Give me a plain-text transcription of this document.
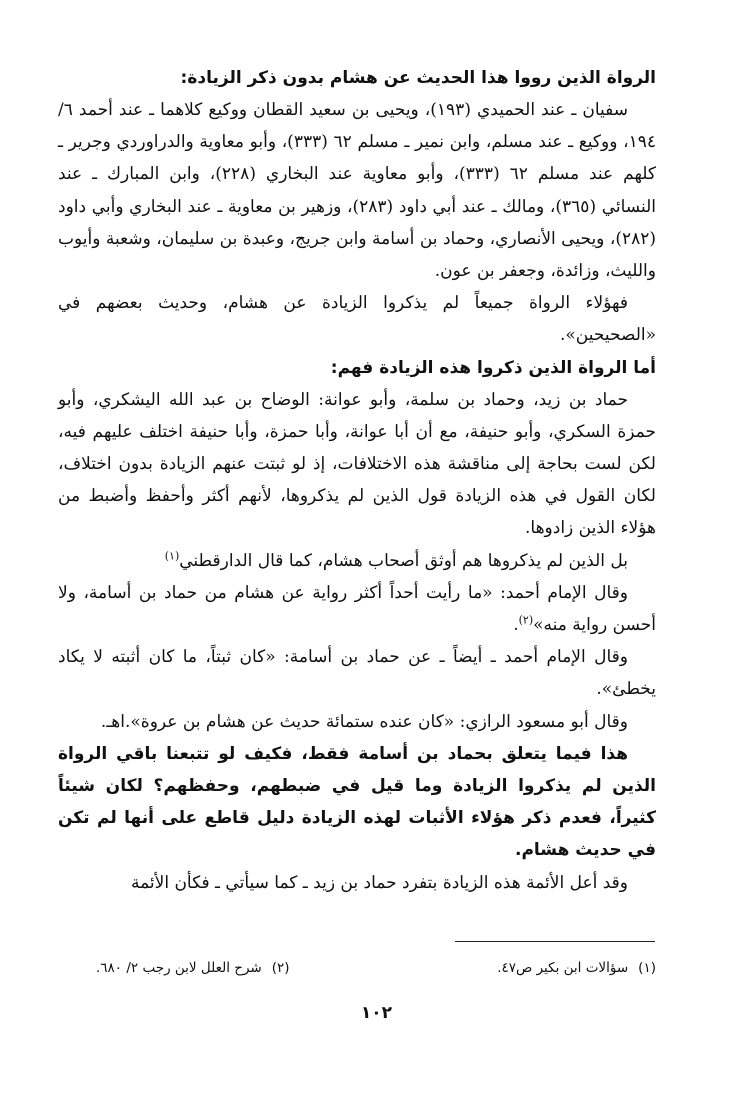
الرواة الذين رووا هذا الحديث عن هشام بدون ذكر الزيادة:

سفيان ـ عند الحميدي (١٩٣)، ويحيى بن سعيد القطان ووكيع كلاهما ـ عند أحمد ٦/ ١٩٤، ووكيع ـ عند مسلم، وابن نمير ـ مسلم ٦٢ (٣٣٣)، وأبو معاوية والدراوردي وجرير ـ كلهم عند مسلم ٦٢ (٣٣٣)، وأبو معاوية عند البخاري (٢٢٨)، وابن المبارك ـ عند النسائي (٣٦٥)، ومالك ـ عند أبي داود (٢٨٣)، وزهير بن معاوية ـ عند البخاري وأبي داود (٢٨٢)، ويحيى الأنصاري، وحماد بن أسامة وابن جريج، وعبدة بن سليمان، وشعبة وأيوب والليث، وزائدة، وجعفر بن عون.

فهؤلاء الرواة جميعاً لم يذكروا الزيادة عن هشام، وحديث بعضهم في «الصحيحين».

أما الرواة الذين ذكروا هذه الزيادة فهم:

حماد بن زيد، وحماد بن سلمة، وأبو عوانة: الوضاح بن عبد الله اليشكري، وأبو حمزة السكري، وأبو حنيفة، مع أن أبا عوانة، وأبا حمزة، وأبا حنيفة اختلف عليهم فيه، لكن لست بحاجة إلى مناقشة هذه الاختلافات، إذ لو ثبتت عنهم الزيادة بدون اختلاف، لكان القول في هذه الزيادة قول الذين لم يذكروها، لأنهم أكثر وأحفظ وأضبط من هؤلاء الذين زادوها.

بل الذين لم يذكروها هم أوثق أصحاب هشام، كما قال الدارقطني$^{(١)}$

وقال الإمام أحمد: «ما رأيت أحداً أكثر رواية عن هشام من حماد بن أسامة، ولا أحسن رواية منه»$^{(٢)}$.

وقال الإمام أحمد ـ أيضاً ـ عن حماد بن أسامة: «كان ثبتاً، ما كان أثبته لا يكاد يخطئ».

وقال أبو مسعود الرازي: «كان عنده ستمائة حديث عن هشام بن عروة».اهـ.

هذا فيما يتعلق بحماد بن أسامة فقط، فكيف لو تتبعنا باقي الرواة الذين لم يذكروا الزيادة وما قيل في ضبطهم، وحفظهم؟ لكان شيئاً كثيراً، فعدم ذكر هؤلاء الأثبات لهذه الزيادة دليل قاطع على أنها لم تكن في حديث هشام.

وقد أعل الأئمة هذه الزيادة بتفرد حماد بن زيد ـ كما سيأتي ـ فكأن الأئمة

(١)سؤالات ابن بكير ص٤٧.
(٢)شرح العلل لابن رجب ٢/ ٦٨٠.
١٠٢
